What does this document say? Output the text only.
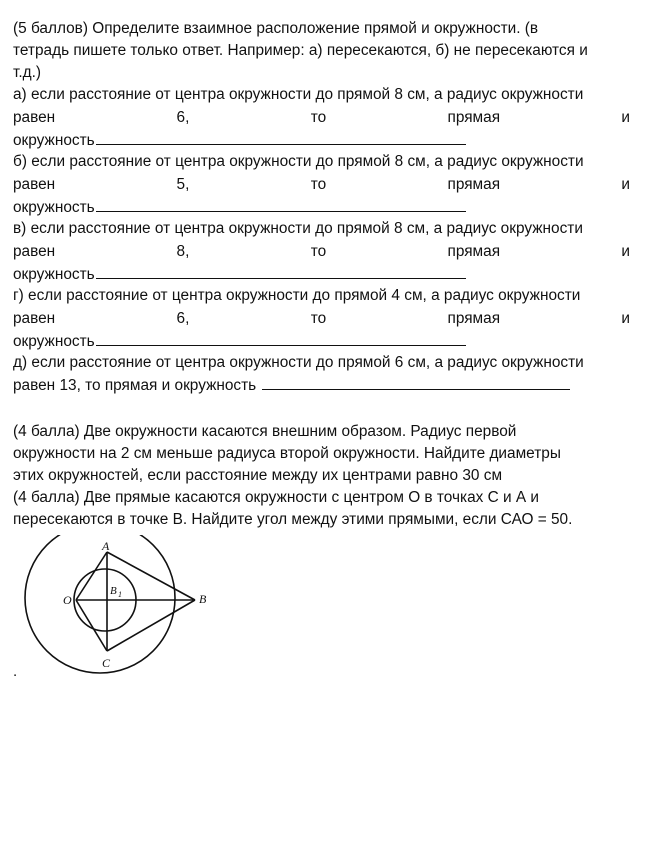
(5 баллов) Определите взаимное расположение прямой и окружности. (в
тетрадь пишете только ответ. Например: а) пересекаются, б) не пересекаются и
т.д.)
а) если расстояние от центра окружности до прямой 8 см, а радиус окружности
равен	6,	то	прямая	и
окружность
б) если расстояние от центра окружности до прямой 8 см, а радиус окружности
равен	5,	то	прямая	и
окружность
в) если расстояние от центра окружности до прямой 8 см, а радиус окружности
равен	8,	то	прямая	и
окружность
г) если расстояние от центра окружности до прямой 4 см, а радиус окружности
равен	6,	то	прямая	и
окружность
д) если расстояние от центра окружности до прямой 6 см, а радиус окружности
равен 13, то прямая и окружность
(4 балла) Две окружности касаются внешним образом. Радиус первой
окружности на 2 см меньше радиуса второй окружности. Найдите диаметры
этих окружностей, если расстояние между их центрами равно 30 см
(4 балла) Две прямые касаются окружности с центром O в точках С и А и
пересекаются в точке В. Найдите угол между этими прямыми, если САО = 50.
A
B
C
O
B 1
.
